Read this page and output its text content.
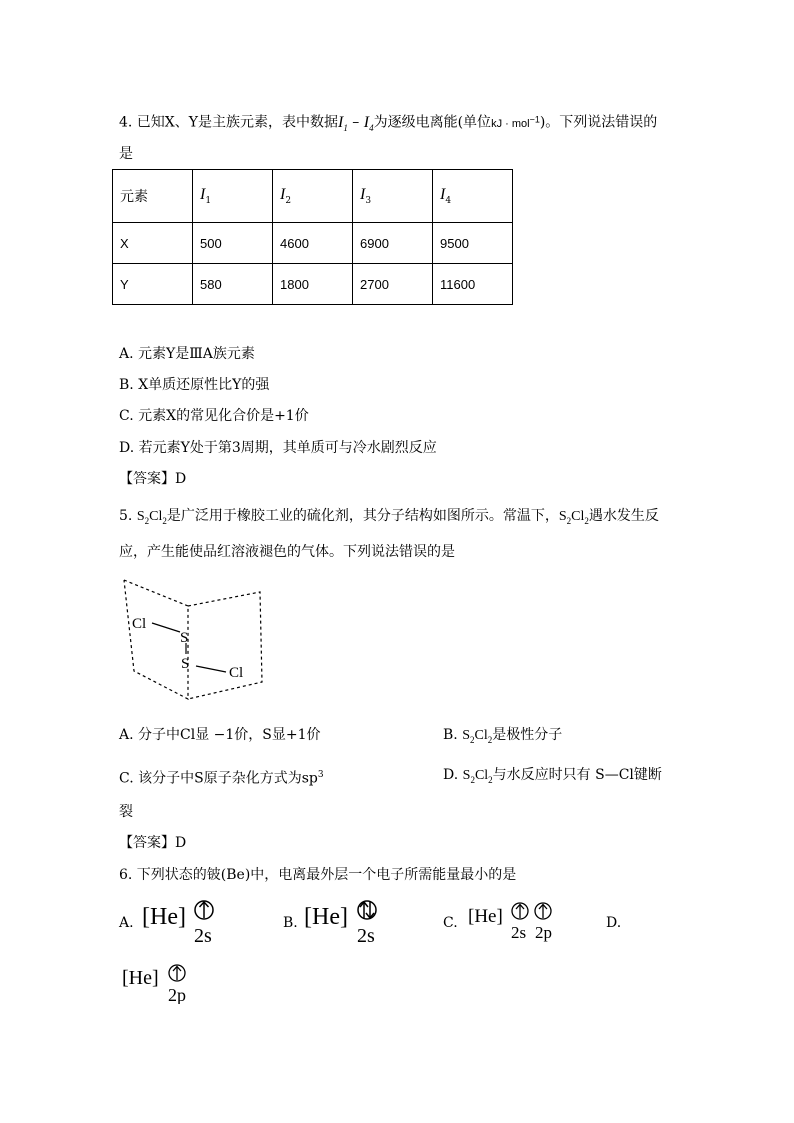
4. 已知X、Y是主族元素，表中数据$I_1 - I_4$为逐级电离能(单位kJ · mol$^{-1}$)。下列说法错误的
是
元素	$I_1$	$I_2$	$I_3$	$I_4$
X	500	4600	6900	9500
Y	580	1800	2700	11600
A. 元素Y是ⅢA族元素
B. X单质还原性比Y的强
C. 元素X的常见化合价是+1价
D. 若元素Y处于第3周期，其单质可与冷水剧烈反应
【答案】D
5. $S_2Cl_2$是广泛用于橡胶工业的硫化剂，其分子结构如图所示。常温下，$S_2Cl_2$遇水发生反
应，产生能使品红溶液褪色的气体。下列说法错误的是
Cl
S
S
Cl
A. 分子中Cl显 −1价，S显+1价	B. $S_2Cl_2$是极性分子
C. 该分子中S原子杂化方式为$sp^3$	D. $S_2Cl_2$与水反应时只有 S—Cl键断
裂
【答案】D
6. 下列状态的铍(Be)中，电离最外层一个电子所需能量最小的是
A. [He]
2s
B. [He]
2s
C. [He]
2s 2p	D.
[He]
2p
